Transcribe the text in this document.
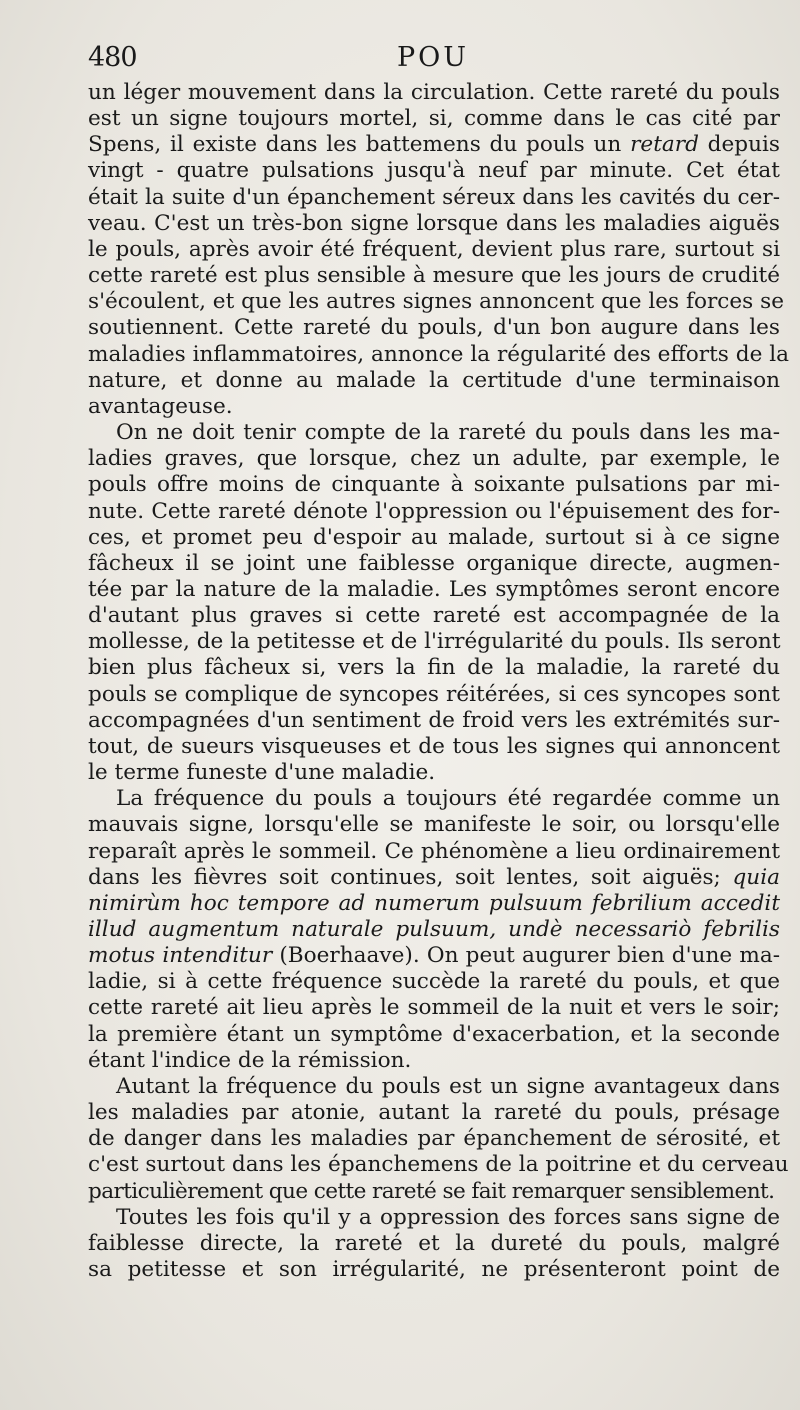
480	POU

un léger mouvement dans la circulation. Cette rareté du pouls
est un signe toujours mortel, si, comme dans le cas cité par
Spens, il existe dans les battemens du pouls un retard depuis
vingt - quatre pulsations jusqu'à neuf par minute. Cet état
était la suite d'un épanchement séreux dans les cavités du cer-
veau. C'est un très-bon signe lorsque dans les maladies aiguës
le pouls, après avoir été fréquent, devient plus rare, surtout si
cette rareté est plus sensible à mesure que les jours de crudité
s'écoulent, et que les autres signes annoncent que les forces se
soutiennent. Cette rareté du pouls, d'un bon augure dans les
maladies inflammatoires, annonce la régularité des efforts de la
nature, et donne au malade la certitude d'une terminaison
avantageuse.

On ne doit tenir compte de la rareté du pouls dans les ma-
ladies graves, que lorsque, chez un adulte, par exemple, le
pouls offre moins de cinquante à soixante pulsations par mi-
nute. Cette rareté dénote l'oppression ou l'épuisement des for-
ces, et promet peu d'espoir au malade, surtout si à ce signe
fâcheux il se joint une faiblesse organique directe, augmen-
tée par la nature de la maladie. Les symptômes seront encore
d'autant plus graves si cette rareté est accompagnée de la
mollesse, de la petitesse et de l'irrégularité du pouls. Ils seront
bien plus fâcheux si, vers la fin de la maladie, la rareté du
pouls se complique de syncopes réitérées, si ces syncopes sont
accompagnées d'un sentiment de froid vers les extrémités sur-
tout, de sueurs visqueuses et de tous les signes qui annoncent
le terme funeste d'une maladie.

La fréquence du pouls a toujours été regardée comme un
mauvais signe, lorsqu'elle se manifeste le soir, ou lorsqu'elle
reparaît après le sommeil. Ce phénomène a lieu ordinairement
dans les fièvres soit continues, soit lentes, soit aiguës; quia
nimirùm hoc tempore ad numerum pulsuum febrilium accedit
illud augmentum naturale pulsuum, undè necessariò febrilis
motus intenditur (Boerhaave). On peut augurer bien d'une ma-
ladie, si à cette fréquence succède la rareté du pouls, et que
cette rareté ait lieu après le sommeil de la nuit et vers le soir;
la première étant un symptôme d'exacerbation, et la seconde
étant l'indice de la rémission.

Autant la fréquence du pouls est un signe avantageux dans
les maladies par atonie, autant la rareté du pouls, présage
de danger dans les maladies par épanchement de sérosité, et
c'est surtout dans les épanchemens de la poitrine et du cerveau
particulièrement que cette rareté se fait remarquer sensiblement.

Toutes les fois qu'il y a oppression des forces sans signe de
faiblesse directe, la rareté et la dureté du pouls, malgré
sa petitesse et son irrégularité, ne présenteront point de
